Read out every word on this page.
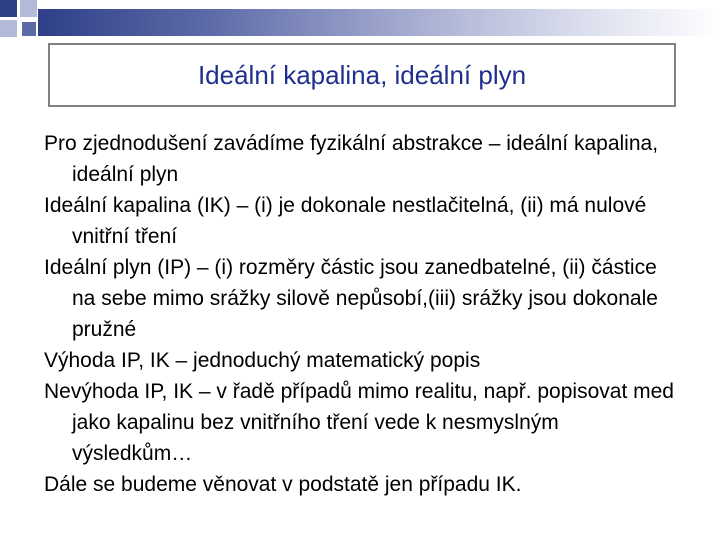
Ideální kapalina, ideální plyn

Pro zjednodušení zavádíme fyzikální abstrakce – ideální kapalina, ideální plyn

Ideální kapalina (IK) – (i) je dokonale nestlačitelná, (ii) má nulové vnitřní tření

Ideální plyn (IP) – (i) rozměry částic jsou zanedbatelné, (ii) částice na sebe mimo srážky silově nepůsobí,(iii) srážky jsou dokonale pružné

Výhoda IP, IK – jednoduchý matematický popis

Nevýhoda IP, IK – v řadě případů mimo realitu, např. popisovat med jako kapalinu bez vnitřního tření vede k nesmyslným výsledkům…

Dále se budeme věnovat v podstatě jen případu IK.
